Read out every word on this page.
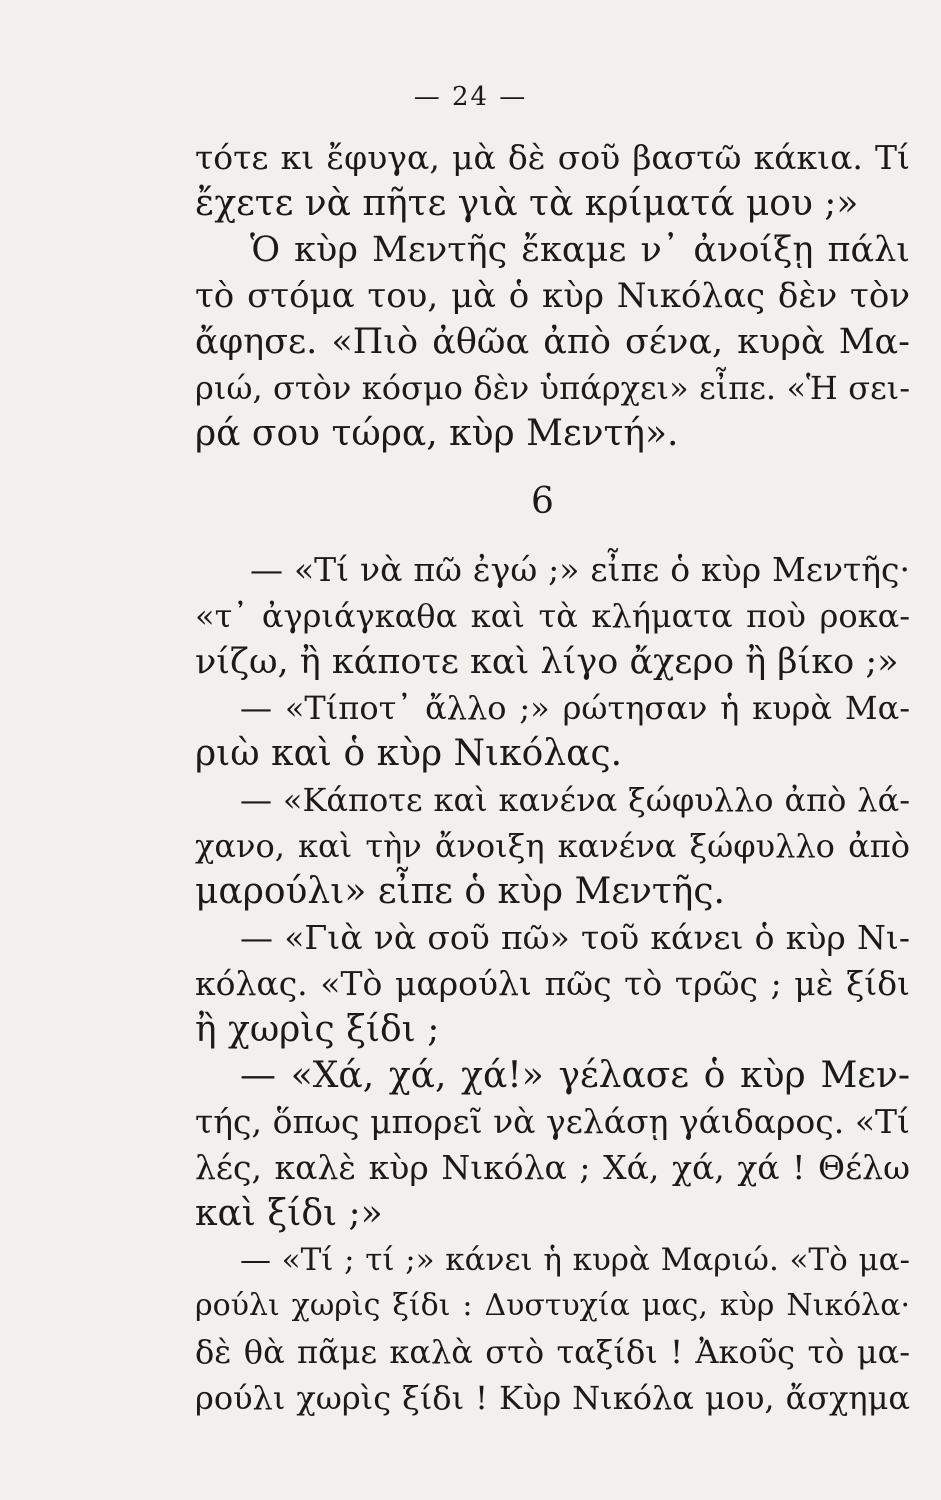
— 24 —
τότε κι ἔφυγα, μὰ δὲ σοῦ βαστῶ κάκια. Τί
ἔχετε νὰ πῆτε γιὰ τὰ κρίματά μου ;»
Ὁ κὺρ Μεντῆς ἔκαμε ν᾿ ἀνοίξῃ πάλι
τὸ στόμα του, μὰ ὁ κὺρ Νικόλας δὲν τὸν
ἄφησε. «Πιὸ ἀθῶα ἀπὸ σένα, κυρὰ Μα-
ριώ, στὸν κόσμο δὲν ὑπάρχει» εἶπε. «Ἡ σει-
ρά σου τώρα, κὺρ Μεντή».
6
— «Τί νὰ πῶ ἐγώ ;» εἶπε ὁ κὺρ Μεντῆς·
«τ᾿ ἀγριάγκαθα καὶ τὰ κλήματα ποὺ ροκα-
νίζω, ἢ κάποτε καὶ λίγο ἄχερο ἢ βίκο ;»
— «Τίποτ᾿ ἄλλο ;» ρώτησαν ἡ κυρὰ Μα-
ριὼ καὶ ὁ κὺρ Νικόλας.
— «Κάποτε καὶ κανένα ξώφυλλο ἀπὸ λά-
χανο, καὶ τὴν ἄνοιξη κανένα ξώφυλλο ἀπὸ
μαρούλι» εἶπε ὁ κὺρ Μεντῆς.
— «Γιὰ νὰ σοῦ πῶ» τοῦ κάνει ὁ κὺρ Νι-
κόλας. «Τὸ μαρούλι πῶς τὸ τρῶς ; μὲ ξίδι
ἢ χωρὶς ξίδι ;
— «Χά, χά, χά!» γέλασε ὁ κὺρ Μεν-
τής, ὅπως μπορεῖ νὰ γελάσῃ γάιδαρος. «Τί
λές, καλὲ κὺρ Νικόλα ; Χά, χά, χά ! Θέλω
καὶ ξίδι ;»
— «Τί ; τί ;» κάνει ἡ κυρὰ Μαριώ. «Τὸ μα-
ρούλι χωρὶς ξίδι : Δυστυχία μας, κὺρ Νικόλα·
δὲ θὰ πᾶμε καλὰ στὸ ταξίδι ! Ἀκοῦς τὸ μα-
ρούλι χωρὶς ξίδι ! Κὺρ Νικόλα μου, ἄσχημα
